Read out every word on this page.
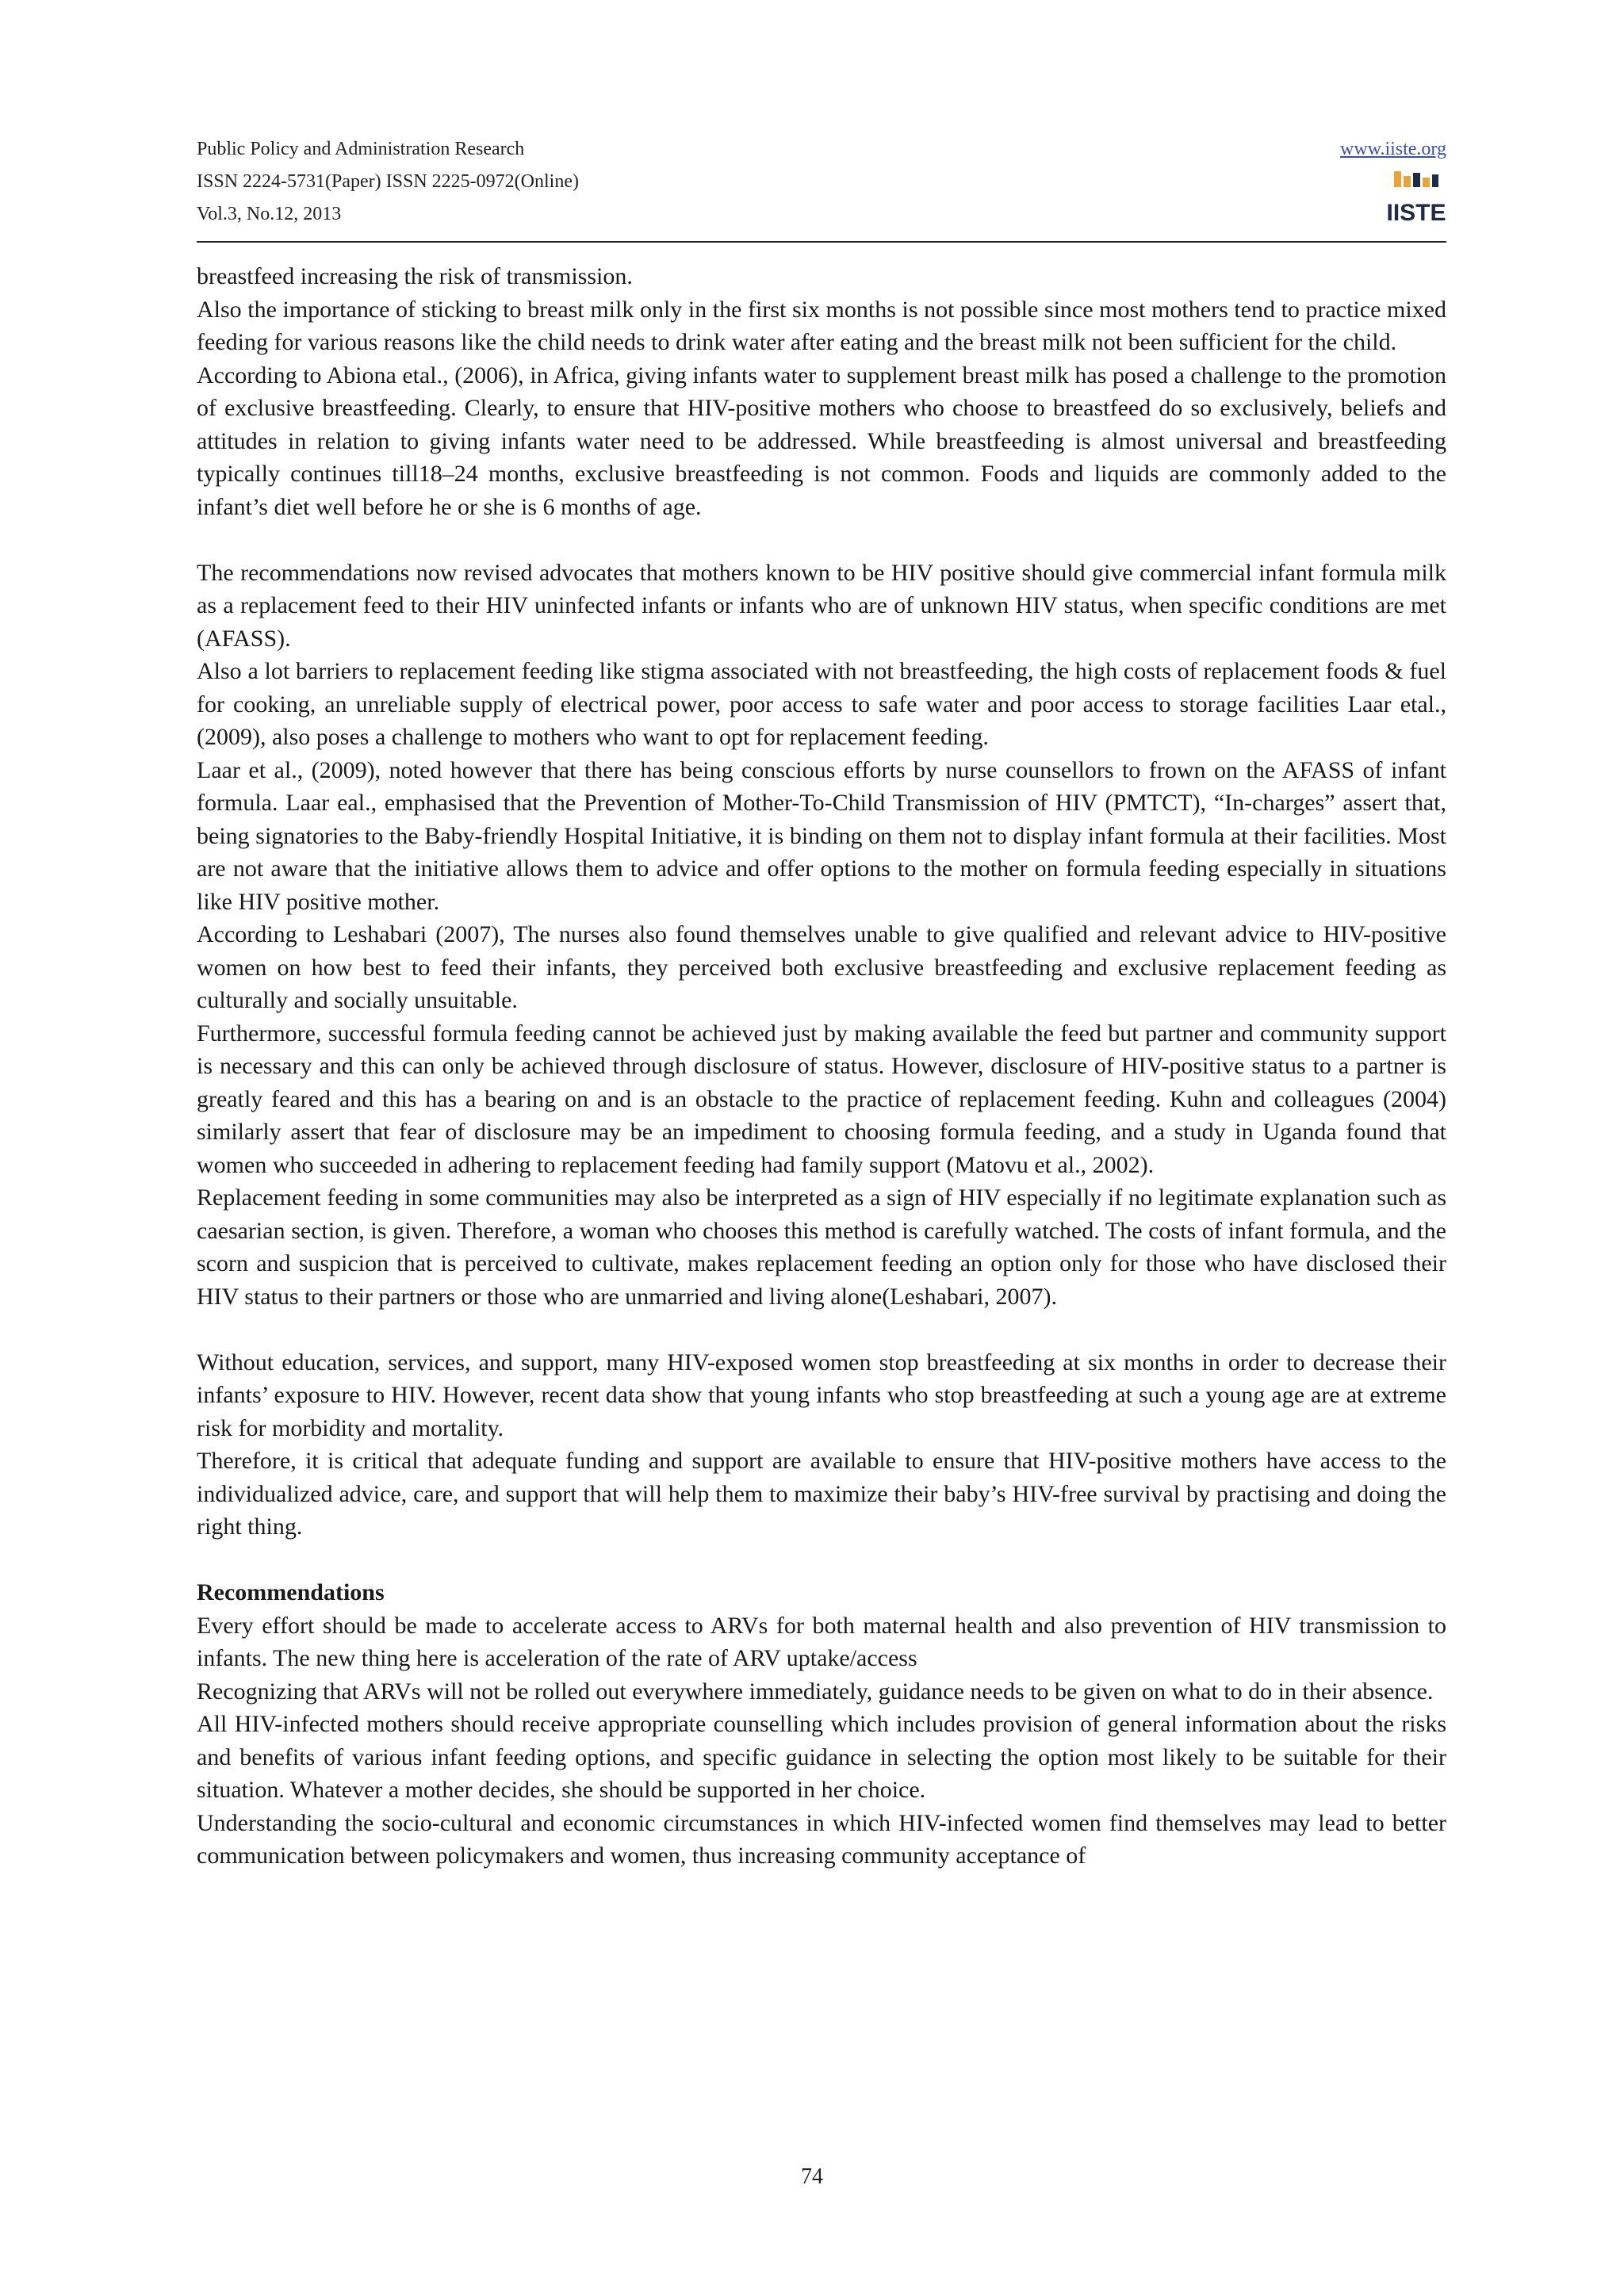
Public Policy and Administration Research
ISSN 2224-5731(Paper) ISSN 2225-0972(Online)
Vol.3, No.12, 2013
www.iiste.org
IISTE

breastfeed increasing the risk of transmission.

Also the importance of sticking to breast milk only in the first six months is not possible since most mothers tend to practice mixed feeding for various reasons like the child needs to drink water after eating and the breast milk not been sufficient for the child.

According to Abiona etal., (2006), in Africa, giving infants water to supplement breast milk has posed a challenge to the promotion of exclusive breastfeeding. Clearly, to ensure that HIV-positive mothers who choose to breastfeed do so exclusively, beliefs and attitudes in relation to giving infants water need to be addressed. While breastfeeding is almost universal and breastfeeding typically continues till18–24 months, exclusive breastfeeding is not common. Foods and liquids are commonly added to the infant’s diet well before he or she is 6 months of age.

The recommendations now revised advocates that mothers known to be HIV positive should give commercial infant formula milk as a replacement feed to their HIV uninfected infants or infants who are of unknown HIV status, when specific conditions are met (AFASS).

Also a lot barriers to replacement feeding like stigma associated with not breastfeeding, the high costs of replacement foods & fuel for cooking, an unreliable supply of electrical power, poor access to safe water and poor access to storage facilities Laar etal., (2009), also poses a challenge to mothers who want to opt for replacement feeding.

Laar et al., (2009), noted however that there has being conscious efforts by nurse counsellors to frown on the AFASS of infant formula. Laar eal., emphasised that the Prevention of Mother-To-Child Transmission of HIV (PMTCT), “In-charges” assert that, being signatories to the Baby-friendly Hospital Initiative, it is binding on them not to display infant formula at their facilities. Most are not aware that the initiative allows them to advice and offer options to the mother on formula feeding especially in situations like HIV positive mother.

According to Leshabari (2007), The nurses also found themselves unable to give qualified and relevant advice to HIV-positive women on how best to feed their infants, they perceived both exclusive breastfeeding and exclusive replacement feeding as culturally and socially unsuitable.

Furthermore, successful formula feeding cannot be achieved just by making available the feed but partner and community support is necessary and this can only be achieved through disclosure of status. However, disclosure of HIV-positive status to a partner is greatly feared and this has a bearing on and is an obstacle to the practice of replacement feeding. Kuhn and colleagues (2004) similarly assert that fear of disclosure may be an impediment to choosing formula feeding, and a study in Uganda found that women who succeeded in adhering to replacement feeding had family support (Matovu et al., 2002).

Replacement feeding in some communities may also be interpreted as a sign of HIV especially if no legitimate explanation such as caesarian section, is given. Therefore, a woman who chooses this method is carefully watched. The costs of infant formula, and the scorn and suspicion that is perceived to cultivate, makes replacement feeding an option only for those who have disclosed their HIV status to their partners or those who are unmarried and living alone(Leshabari, 2007).

Without education, services, and support, many HIV-exposed women stop breastfeeding at six months in order to decrease their infants’ exposure to HIV. However, recent data show that young infants who stop breastfeeding at such a young age are at extreme risk for morbidity and mortality.

Therefore, it is critical that adequate funding and support are available to ensure that HIV-positive mothers have access to the individualized advice, care, and support that will help them to maximize their baby’s HIV-free survival by practising and doing the right thing.

Recommendations

Every effort should be made to accelerate access to ARVs for both maternal health and also prevention of HIV transmission to infants. The new thing here is acceleration of the rate of ARV uptake/access

Recognizing that ARVs will not be rolled out everywhere immediately, guidance needs to be given on what to do in their absence.

All HIV-infected mothers should receive appropriate counselling which includes provision of general information about the risks and benefits of various infant feeding options, and specific guidance in selecting the option most likely to be suitable for their situation. Whatever a mother decides, she should be supported in her choice.

Understanding the socio-cultural and economic circumstances in which HIV-infected women find themselves may lead to better communication between policymakers and women, thus increasing community acceptance of

74
